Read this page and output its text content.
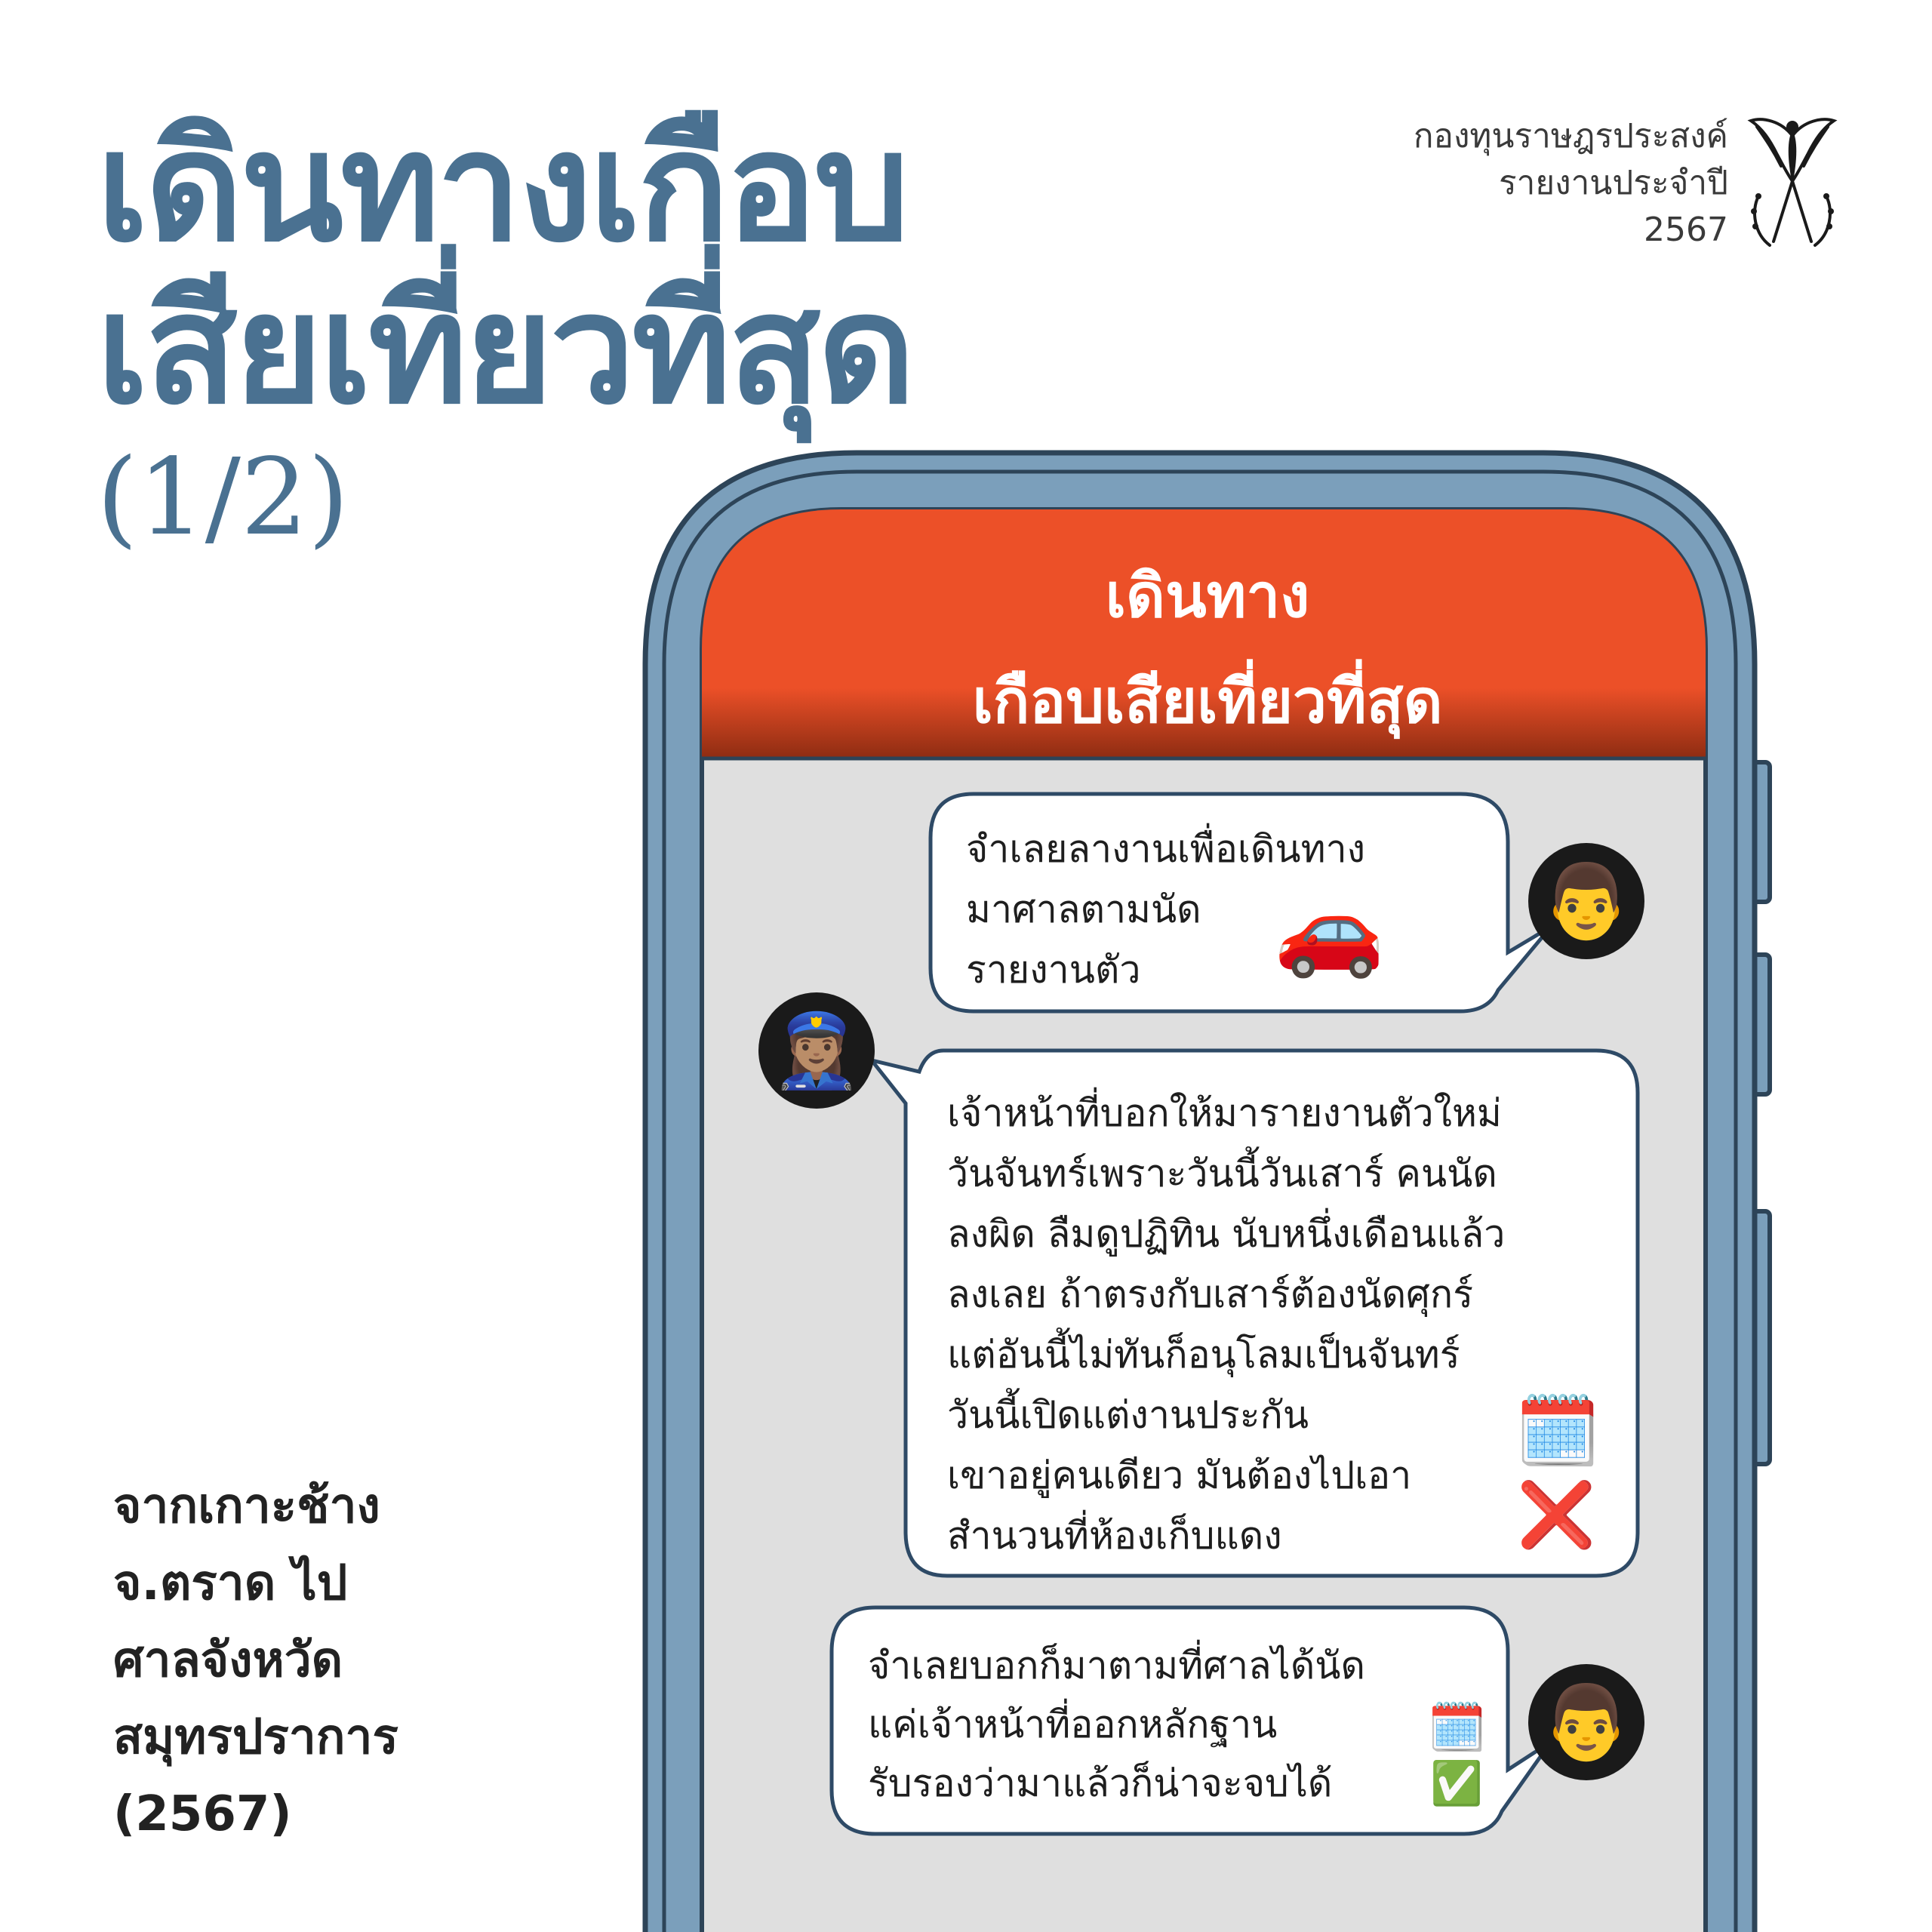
เดินทางเกือบ
เสียเที่ยวที่สุด
(1/2)
กองทุนราษฎรประสงค์
รายงานประจำปี
2567
จากเกาะช้าง
จ.ตราด ไป
ศาลจังหวัด
สมุทรปราการ
(2567)
เดินทาง
เกือบเสียเที่ยวที่สุด
จำเลยลางานเพื่อเดินทาง
มาศาลตามนัด
รายงานตัว	🚗 👨
👮🏽‍♀️
เจ้าหน้าที่บอกให้มารายงานตัวใหม่
วันจันทร์เพราะวันนี้วันเสาร์ คนนัด
ลงผิด ลืมดูปฏิทิน นับหนึ่งเดือนแล้ว
ลงเลย ถ้าตรงกับเสาร์ต้องนัดศุกร์
แต่อันนี้ไม่ทันก็อนุโลมเป็นจันทร์
วันนี้เปิดแต่งานประกัน
เขาอยู่คนเดียว มันต้องไปเอา
สำนวนที่ห้องเก็บแดง
🗓️
❌
จำเลยบอกก็มาตามที่ศาลได้นัด
แค่เจ้าหน้าที่ออกหลักฐาน
รับรองว่ามาแล้วก็น่าจะจบได้
🗓️
✅
👨
